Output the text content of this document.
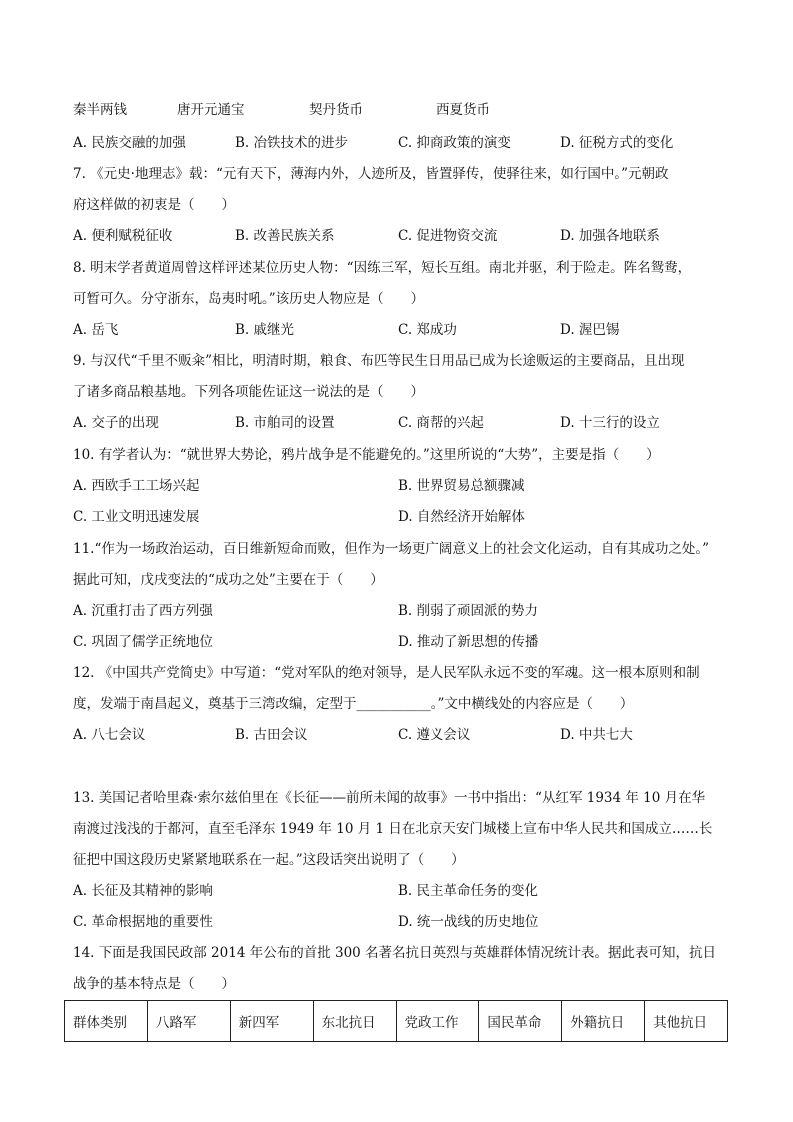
秦半两钱	唐开元通宝	契丹货币	西夏货币
A. 民族交融的加强	B. 冶铁技术的进步	C. 抑商政策的演变	D. 征税方式的变化
7. 《元史·地理志》载：“元有天下，薄海内外，人迹所及，皆置驿传，使驿往来，如行国中。”元朝政
府这样做的初衷是（　　）
A. 便利赋税征收	B. 改善民族关系	C. 促进物资交流	D. 加强各地联系
8. 明末学者黄道周曾这样评述某位历史人物：“因练三军，短长互组。南北并驱，利于险走。阵名鸳鸯，
可暂可久。分守浙东，岛夷时吼。”该历史人物应是（　　）
A. 岳飞	B. 戚继光	C. 郑成功	D. 渥巴锡
9. 与汉代“千里不贩籴”相比，明清时期，粮食、布匹等民生日用品已成为长途贩运的主要商品，且出现
了诸多商品粮基地。下列各项能佐证这一说法的是（　　）
A. 交子的出现	B. 市舶司的设置	C. 商帮的兴起	D. 十三行的设立
10. 有学者认为：“就世界大势论，鸦片战争是不能避免的。”这里所说的“大势”，主要是指（　　）
A. 西欧手工工场兴起	B. 世界贸易总额骤减
C. 工业文明迅速发展	D. 自然经济开始解体
11.“作为一场政治运动，百日维新短命而败，但作为一场更广阔意义上的社会文化运动，自有其成功之处。”
据此可知，戊戌变法的“成功之处”主要在于（　　）
A. 沉重打击了西方列强	B. 削弱了顽固派的势力
C. 巩固了儒学正统地位	D. 推动了新思想的传播
12. 《中国共产党简史》中写道：“党对军队的绝对领导，是人民军队永远不变的军魂。这一根本原则和制
度，发端于南昌起义，奠基于三湾改编，定型于___________。”文中横线处的内容应是（　　）
A. 八七会议	B. 古田会议	C. 遵义会议	D. 中共七大
13. 美国记者哈里森·索尔兹伯里在《长征——前所未闻的故事》一书中指出：“从红军 1934 年 10 月在华
南渡过浅浅的于都河，直至毛泽东 1949 年 10 月 1 日在北京天安门城楼上宣布中华人民共和国成立……长
征把中国这段历史紧紧地联系在一起。”这段话突出说明了（　　）
A. 长征及其精神的影响	B. 民主革命任务的变化
C. 革命根据地的重要性	D. 统一战线的历史地位
14. 下面是我国民政部 2014 年公布的首批 300 名著名抗日英烈与英雄群体情况统计表。据此表可知，抗日
战争的基本特点是（　　）
群体类别	八路军	新四军	东北抗日	党政工作	国民革命	外籍抗日	其他抗日
